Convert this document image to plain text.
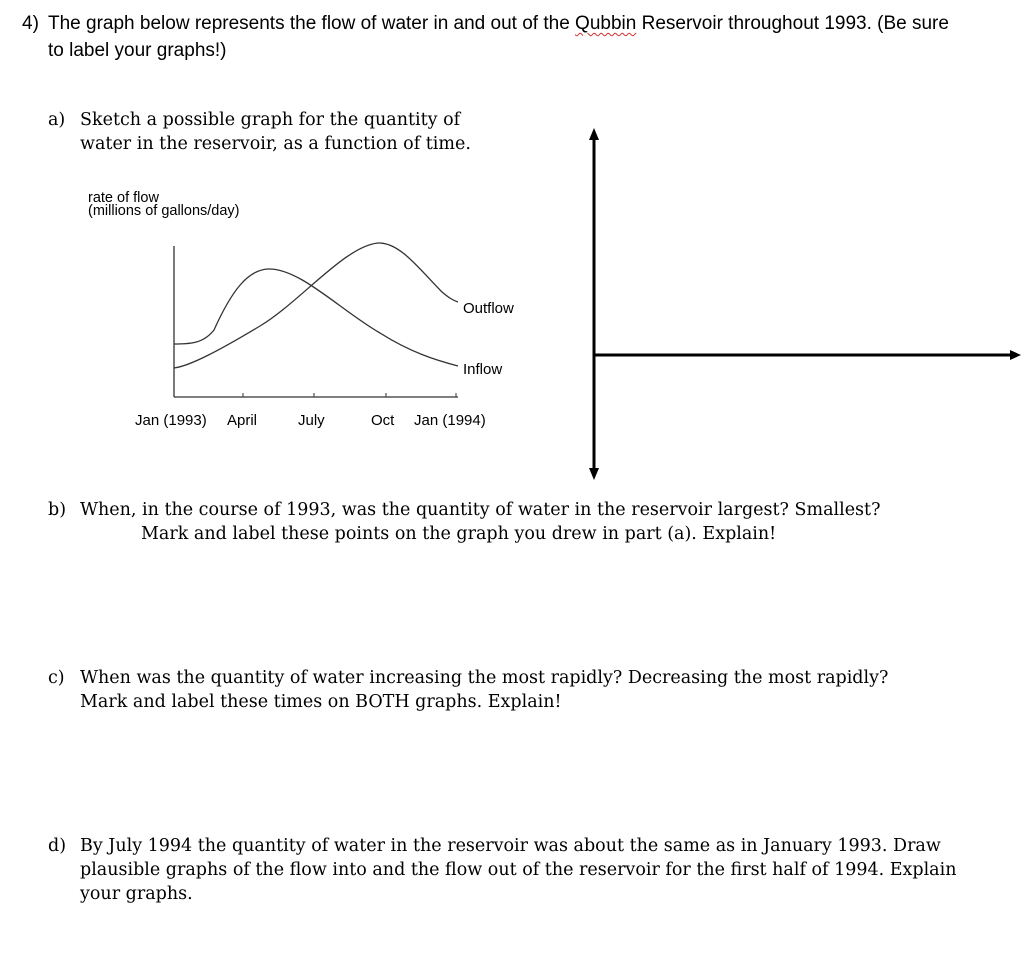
4) The graph below represents the flow of water in and out of the Qubbin Reservoir throughout 1993. (Be sure
to label your graphs!)
a) Sketch a possible graph for the quantity of
water in the reservoir, as a function of time.
rate of flow
(millions of gallons/day)
Outflow
Inflow
Jan (1993) April	July	Oct Jan (1994)
b) When, in the course of 1993, was the quantity of water in the reservoir largest? Smallest?
Mark and label these points on the graph you drew in part (a). Explain!
c) When was the quantity of water increasing the most rapidly? Decreasing the most rapidly?
Mark and label these times on BOTH graphs. Explain!
d) By July 1994 the quantity of water in the reservoir was about the same as in January 1993. Draw
plausible graphs of the flow into and the flow out of the reservoir for the first half of 1994. Explain
your graphs.
